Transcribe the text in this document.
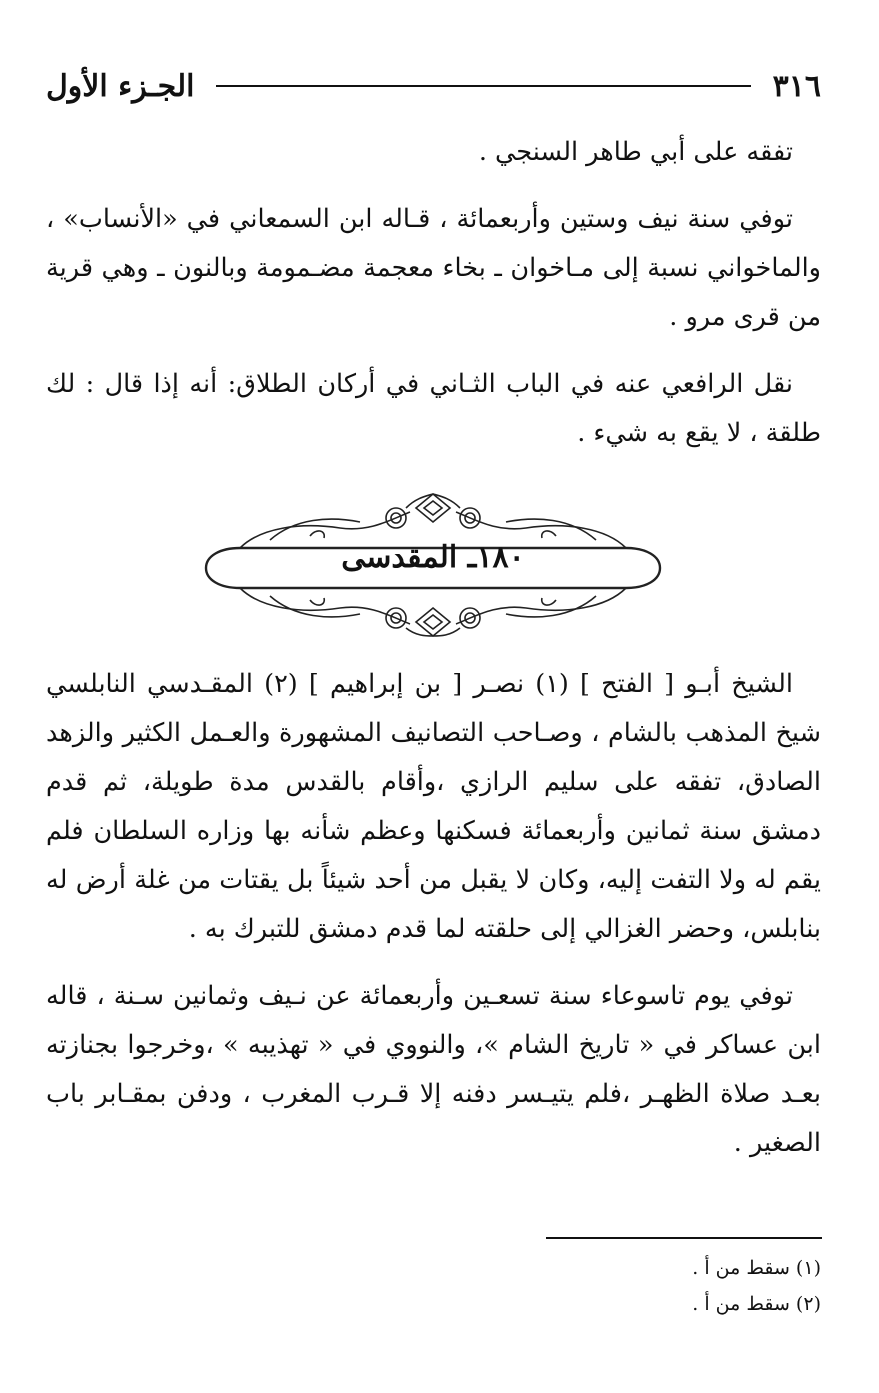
٣١٦
الجـزء الأول

تفقه على أبي طاهر السنجي .

توفي سنة نيف وستين وأربعمائة ، قـاله ابن السمعاني في «الأنساب» ، والماخواني نسبة إلى مـاخوان ـ بخاء معجمة مضـمومة وبالنون ـ وهي قرية من قرى مرو .

نقل الرافعي عنه في الباب الثـاني في أركان الطلاق: أنه إذا قال : لك طلقة ، لا يقع به شيء .

١٨٠ـ المقدسى

الشيخ أبـو [ الفتح ] (١) نصـر [ بن إبراهيم ] (٢) المقـدسي النابلسي شيخ المذهب بالشام ، وصـاحب التصانيف المشهورة والعـمل الكثير والزهد الصادق، تفقه على سليم الرازي ،وأقام بالقدس مدة طويلة، ثم قدم دمشق سنة ثمانين وأربعمائة فسكنها وعظم شأنه بها وزاره السلطان فلم يقم له ولا التفت إليه، وكان لا يقبل من أحد شيئاً بل يقتات من غلة أرض له بنابلس، وحضر الغزالي إلى حلقته لما قدم دمشق للتبرك به .

توفي يوم تاسوعاء سنة تسعـين وأربعمائة عن نـيف وثمانين سـنة ، قاله ابن عساكر في « تاريخ الشام »، والنووي في « تهذيبه » ،وخرجوا بجنازته بعـد صلاة الظهـر ،فلم يتيـسر دفنه إلا قـرب المغرب ، ودفن بمقـابر باب الصغير .

(١) سقط من أ .
(٢) سقط من أ .
